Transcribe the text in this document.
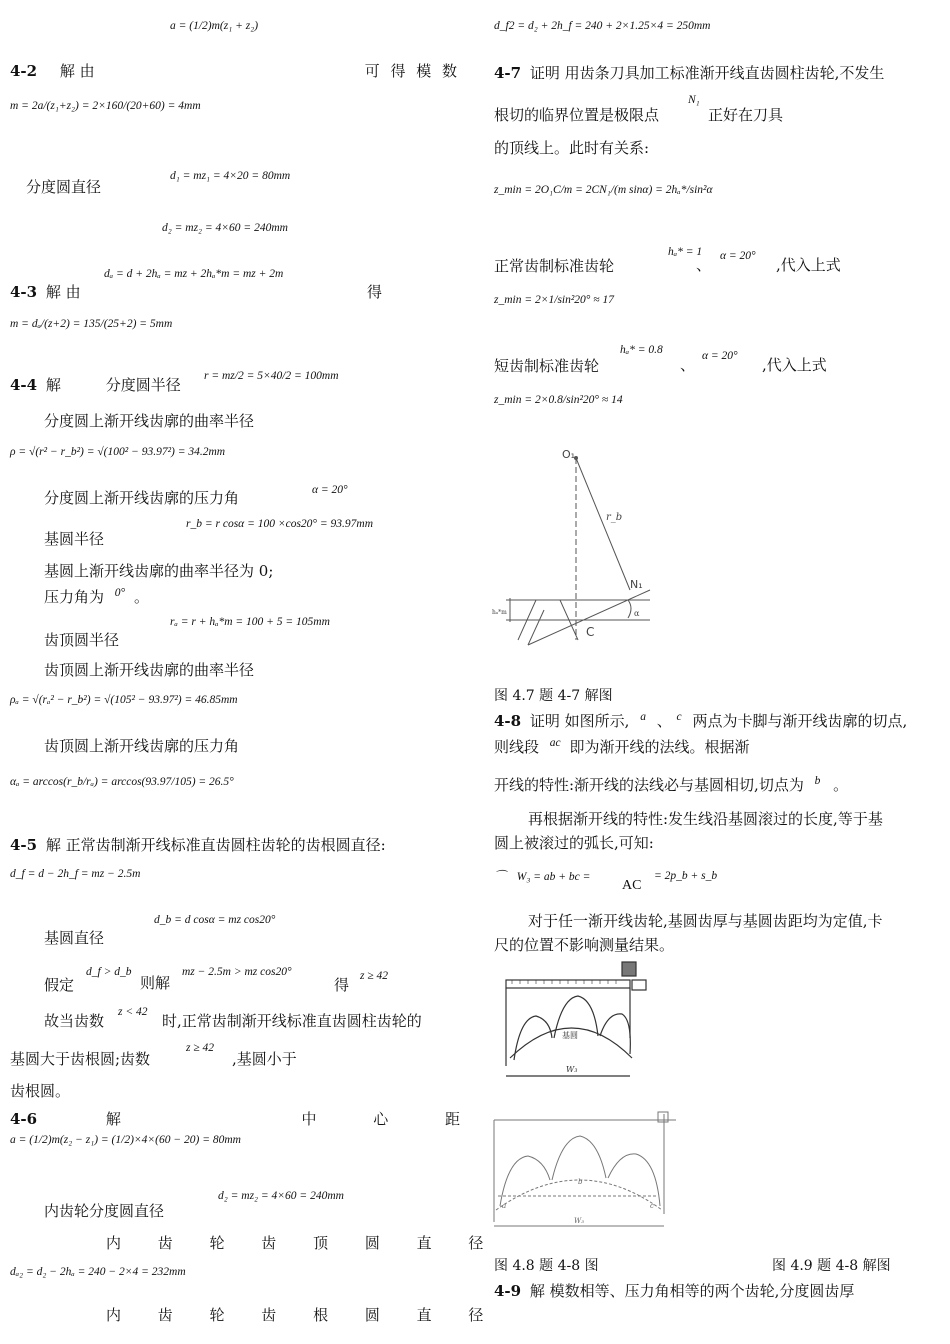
a = (1/2)m(z₁ + z₂)
4-2 解 由	可 得 模 数
m = 2a/(z₁+z₂) = 2×160/(20+60) = 4mm
分度圆直径
d₁ = mz₁ = 4×20 = 80mm
d₂ = mz₂ = 4×60 = 240mm
dₐ = d + 2hₐ = mz + 2hₐ*m = mz + 2m
4-3 解 由	得
m = dₐ/(z+2) = 135/(25+2) = 5mm
4-4 解	分度圆半径 r = mz/2 = 5×40/2 = 100mm
分度圆上渐开线齿廓的曲率半径
ρ = √(r² − r_b²) = √(100² − 93.97²) = 34.2mm
分度圆上渐开线齿廓的压力角	α = 20°
基圆半径
r_b = r cosα = 100 ×cos20° = 93.97mm
基圆上渐开线齿廓的曲率半径为 0;
压力角为 $^{0^\circ}$ 。
rₐ = r + hₐ*m = 100 + 5 = 105mm
齿顶圆半径
齿顶圆上渐开线齿廓的曲率半径
ρₐ = √(rₐ² − r_b²) = √(105² − 93.97²) = 46.85mm
齿顶圆上渐开线齿廓的压力角
αₐ = arccos(r_b/rₐ) = arccos(93.97/105) = 26.5°
4-5 解 正常齿制渐开线标准直齿圆柱齿轮的齿根圆直径:
d_f = d − 2h_f = mz − 2.5m
d_b = d cosα = mz cos20°
基圆直径
假定
d_f > d_b
则解
mz − 2.5m > mz cos20°
得 z ≥ 42
故当齿数 z < 42 时,正常齿制渐开线标准直齿圆柱齿轮的
基圆大于齿根圆;齿数
z ≥ 42
,基圆小于
齿根圆。
4-6	解	中 心 距
a = (1/2)m(z₂ − z₁) = (1/2)×4×(60 − 20) = 80mm
d₂ = mz₂ = 4×60 = 240mm
内齿轮分度圆直径
内 齿 轮 齿 顶 圆 直 径
dₐ₂ = d₂ − 2hₐ = 240 − 2×4 = 232mm
内 齿 轮 齿 根 圆 直 径
d_f2 = d₂ + 2h_f = 240 + 2×1.25×4 = 250mm
4-7 证明 用齿条刀具加工标准渐开线直齿圆柱齿轮,不发生
根切的临界位置是极限点
N₁
正好在刀具
的顶线上。此时有关系:
z_min = 2O₁C/m = 2CN₁/(m sinα) = 2hₐ*/sin²α
正常齿制标准齿轮
hₐ* = 1
、 α = 20° ,代入上式
z_min = 2×1/sin²20° ≈ 17
短齿制标准齿轮
hₐ* = 0.8
、 α = 20° ,代入上式
z_min = 2×0.8/sin²20° ≈ 14
O₁
r_b
N₁
C
α
hₐ*m
图 4.7 题 4-7 解图
4-8 证明 如图所示, $^a$ 、 $^c$ 两点为卡脚与渐开线齿廓的切点,
则线段 $^{ac}$ 即为渐开线的法线。根据渐
开线的特性:渐开线的法线必与基圆相切,切点为 $^b$ 。
再根据渐开线的特性:发生线沿基圆滚过的长度,等于基
圆上被滚过的弧长,可知:
⌒ W₃ = ab + bc =
AC
= 2p_b + s_b
对于任一渐开线齿轮,基圆齿厚与基圆齿距均为定值,卡
尺的位置不影响测量结果。
基圆
W₃
a
b
c
W₃
图 4.8 题 4-8 图	图 4.9 题 4-8 解图
4-9 解 模数相等、压力角相等的两个齿轮,分度圆齿厚
